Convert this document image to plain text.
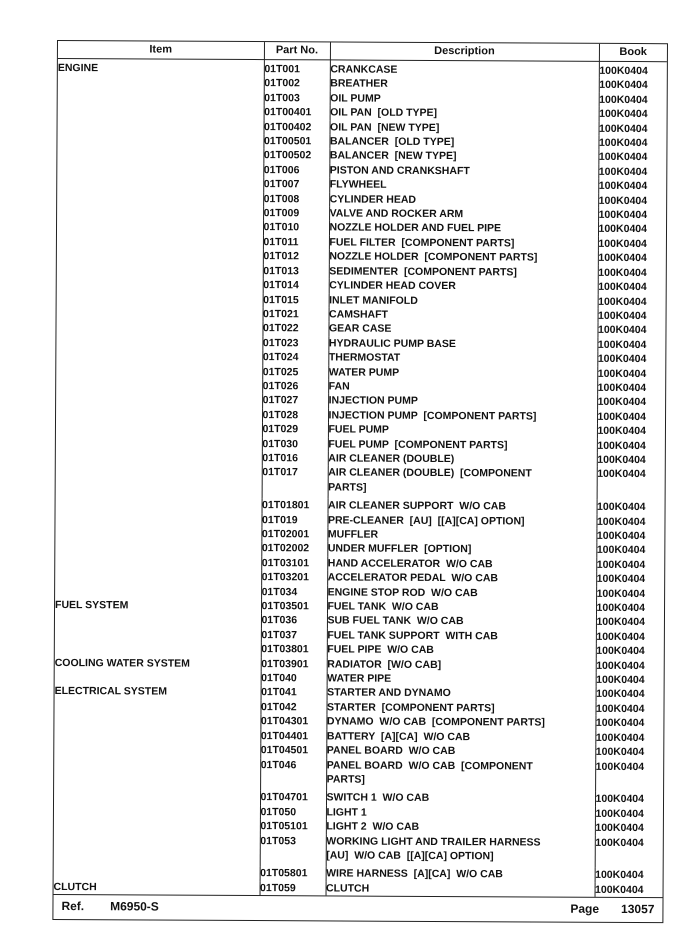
Item	Part No.	Description	Book
ENGINE	01T001	CRANKCASE	100K0404
	01T002	BREATHER	100K0404
	01T003	OIL PUMP	100K0404
	01T00401	OIL PAN  [OLD TYPE]	100K0404
	01T00402	OIL PAN  [NEW TYPE]	100K0404
	01T00501	BALANCER  [OLD TYPE]	100K0404
	01T00502	BALANCER  [NEW TYPE]	100K0404
	01T006	PISTON AND CRANKSHAFT	100K0404
	01T007	FLYWHEEL	100K0404
	01T008	CYLINDER HEAD	100K0404
	01T009	VALVE AND ROCKER ARM	100K0404
	01T010	NOZZLE HOLDER AND FUEL PIPE	100K0404
	01T011	FUEL FILTER  [COMPONENT PARTS]	100K0404
	01T012	NOZZLE HOLDER  [COMPONENT PARTS]	100K0404
	01T013	SEDIMENTER  [COMPONENT PARTS]	100K0404
	01T014	CYLINDER HEAD COVER	100K0404
	01T015	INLET MANIFOLD	100K0404
	01T021	CAMSHAFT	100K0404
	01T022	GEAR CASE	100K0404
	01T023	HYDRAULIC PUMP BASE	100K0404
	01T024	THERMOSTAT	100K0404
	01T025	WATER PUMP	100K0404
	01T026	FAN	100K0404
	01T027	INJECTION PUMP	100K0404
	01T028	INJECTION PUMP  [COMPONENT PARTS]	100K0404
	01T029	FUEL PUMP	100K0404
	01T030	FUEL PUMP  [COMPONENT PARTS]	100K0404
	01T016	AIR CLEANER (DOUBLE)	100K0404
	01T017	AIR CLEANER (DOUBLE)  [COMPONENT
PARTS]	100K0404
	01T01801	AIR CLEANER SUPPORT  W/O CAB	100K0404
	01T019	PRE-CLEANER  [AU]  [[A][CA] OPTION]	100K0404
	01T02001	MUFFLER	100K0404
	01T02002	UNDER MUFFLER  [OPTION]	100K0404
	01T03101	HAND ACCELERATOR  W/O CAB	100K0404
	01T03201	ACCELERATOR PEDAL  W/O CAB	100K0404
	01T034	ENGINE STOP ROD  W/O CAB	100K0404
FUEL SYSTEM	01T03501	FUEL TANK  W/O CAB	100K0404
	01T036	SUB FUEL TANK  W/O CAB	100K0404
	01T037	FUEL TANK SUPPORT  WITH CAB	100K0404
	01T03801	FUEL PIPE  W/O CAB	100K0404
COOLING WATER SYSTEM	01T03901	RADIATOR  [W/O CAB]	100K0404
	01T040	WATER PIPE	100K0404
ELECTRICAL SYSTEM	01T041	STARTER AND DYNAMO	100K0404
	01T042	STARTER  [COMPONENT PARTS]	100K0404
	01T04301	DYNAMO  W/O CAB  [COMPONENT PARTS]	100K0404
	01T04401	BATTERY  [A][CA]  W/O CAB	100K0404
	01T04501	PANEL BOARD  W/O CAB	100K0404
	01T046	PANEL BOARD  W/O CAB  [COMPONENT
PARTS]	100K0404
	01T04701	SWITCH 1  W/O CAB	100K0404
	01T050	LIGHT 1	100K0404
	01T05101	LIGHT 2  W/O CAB	100K0404
	01T053	WORKING LIGHT AND TRAILER HARNESS
[AU]  W/O CAB  [[A][CA] OPTION]	100K0404
	01T05801	WIRE HARNESS  [A][CA]  W/O CAB	100K0404
CLUTCH	01T059	CLUTCH	100K0404
Ref. M6950-S	Page 13057
